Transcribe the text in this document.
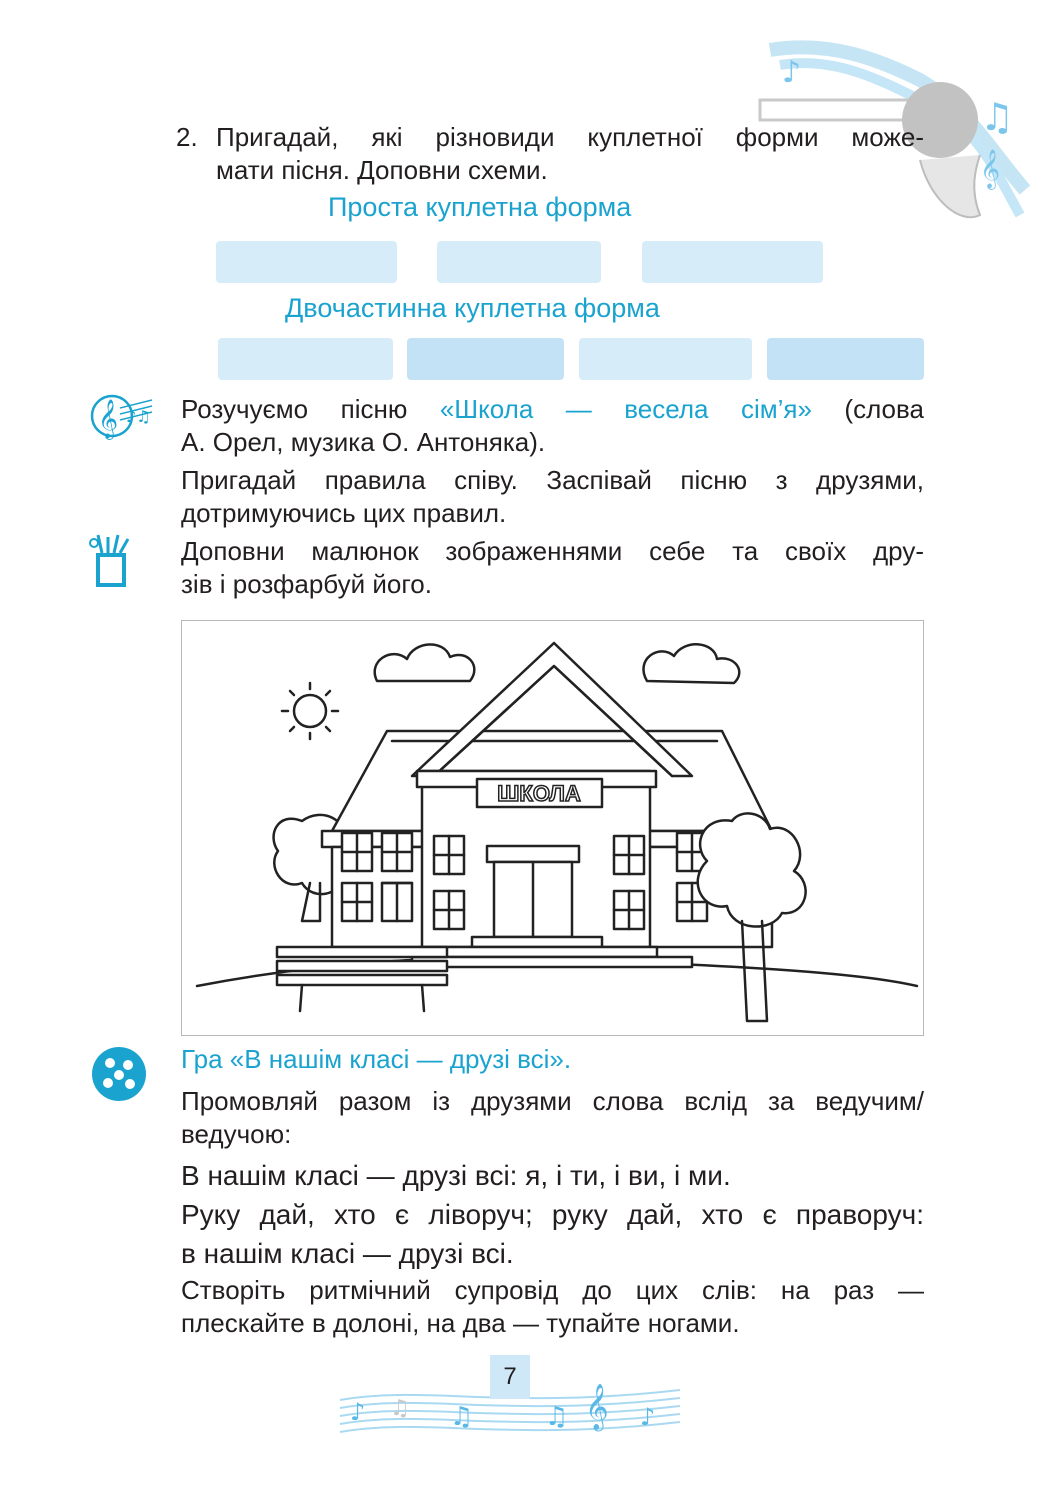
♪
♫
𝄞
2. Пригадай, які різновиди куплетної форми може-
мати пісня. Доповни схеми.
Проста куплетна форма
Двочастинна куплетна форма
𝄞 ♪♫ Розучуємо пісню «Школа — весела сім’я» (слова
А. Орел, музика О. Антоняка).
Пригадай правила співу. Заспівай пісню з друзями,
дотримуючись цих правил.
Доповни малюнок зображеннями себе та своїх дру-
зів і розфарбуй його.
ШКОЛА
Гра «В нашім класі — друзі всі».
Промовляй разом із друзями слова вслід за ведучим/
ведучою:
В нашім класі — друзі всі: я, і ти, і ви, і ми.
Руку дай, хто є ліворуч; руку дай, хто є праворуч:
в нашім класі — друзі всі.
Створіть ритмічний супровід до цих слів: на раз —
плескайте в долоні, на два — тупайте ногами.
♪ ♫ ♫	♫ 𝄞 ♪
7
